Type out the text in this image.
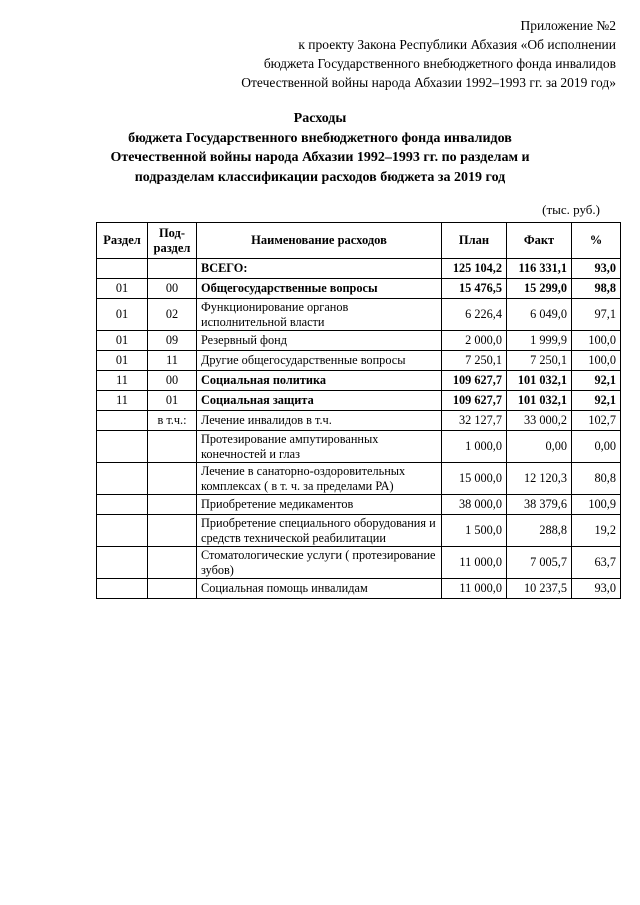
Приложение №2
к проекту Закона Республики Абхазия «Об исполнении
бюджета Государственного внебюджетного фонда инвалидов
Отечественной войны народа Абхазии 1992–1993 гг. за 2019 год»
Расходы
бюджета Государственного внебюджетного фонда инвалидов
Отечественной войны народа Абхазии 1992–1993 гг. по разделам и
подразделам классификации расходов бюджета за 2019 год
(тыс. руб.)
Раздел	Под-раздел	Наименование расходов	План	Факт	%
		ВСЕГО:	125 104,2	116 331,1	93,0
01	00	Общегосударственные вопросы	15 476,5	15 299,0	98,8
01	02	Функционирование органов исполнительной власти	6 226,4	6 049,0	97,1
01	09	Резервный фонд	2 000,0	1 999,9	100,0
01	11	Другие общегосударственные вопросы	7 250,1	7 250,1	100,0
11	00	Социальная политика	109 627,7	101 032,1	92,1
11	01	Социальная защита	109 627,7	101 032,1	92,1
	в т.ч.:	Лечение инвалидов в т.ч.	32 127,7	33 000,2	102,7
		Протезирование ампутированных конечностей и глаз	1 000,0	0,00	0,00
		Лечение в санаторно-оздоровительных комплексах ( в т. ч. за пределами РА)	15 000,0	12 120,3	80,8
		Приобретение медикаментов	38 000,0	38 379,6	100,9
		Приобретение специального оборудования и средств технической реабилитации	1 500,0	288,8	19,2
		Стоматологические услуги ( протезирование зубов)	11 000,0	7 005,7	63,7
		Социальная помощь инвалидам	11 000,0	10 237,5	93,0
